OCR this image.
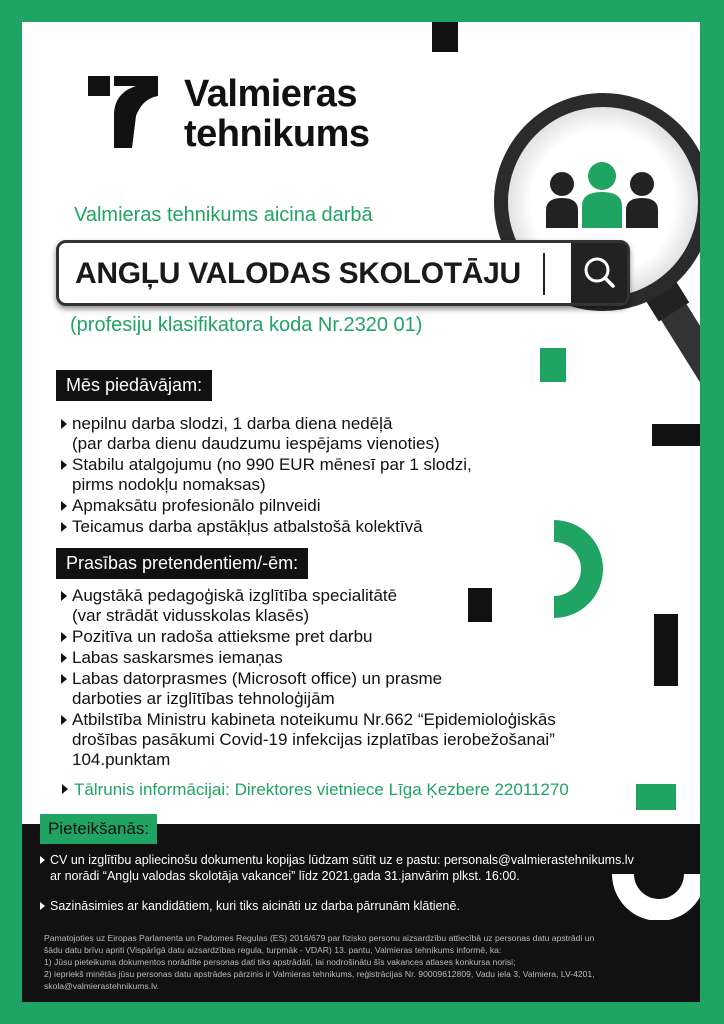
Valmieras
tehnikums
Valmieras tehnikums aicina darbā
ANGĻU VALODAS SKOLOTĀJU
(profesiju klasifikatora koda Nr.2320 01)
Mēs piedāvājam:
nepilnu darba slodzi, 1 darba diena nedēļā
(par darba dienu daudzumu iespējams vienoties)
Stabilu atalgojumu (no 990 EUR mēnesī par 1 slodzi,
pirms nodokļu nomaksas)
Apmaksātu profesionālo pilnveidi
Teicamus darba apstākļus atbalstošā kolektīvā
Prasības pretendentiem/-ēm:
Augstākā pedagoģiskā izglītība specialitātē
(var strādāt vidusskolas klasēs)
Pozitīva un radoša attieksme pret darbu
Labas saskarsmes iemaņas
Labas datorprasmes (Microsoft office) un prasme
darboties ar izglītības tehnoloģijām
Atbilstība Ministru kabineta noteikumu Nr.662 “Epidemioloģiskās
drošības pasākumi Covid-19 infekcijas izplatības ierobežošanai”
104.punktam
Tālrunis informācijai: Direktores vietniece Līga Ķezbere 22011270
Pieteikšanās:
CV un izglītību apliecinošu dokumentu kopijas lūdzam sūtīt uz e pastu: personals@valmierastehnikums.lv
ar norādi “Angļu valodas skolotāja vakancei” līdz 2021.gada 31.janvārim plkst. 16:00.
Sazināsimies ar kandidātiem, kuri tiks aicināti uz darba pārrunām klātienē.
Pamatojoties uz Eiropas Parlamenta un Padomes Regulas (ES) 2016/679 par fizisko personu aizsardzību attiecībā uz personas datu apstrādi un
šādu datu brīvu apriti (Vispārīgā datu aizsardzības regula, turpmāk - VDAR) 13. pantu, Valmieras tehnikums informē, ka:
1) Jūsu pieteikuma dokumentos norādītie personas dati tiks apstrādāti, lai nodrošinātu šīs vakances atlases konkursa norisi;
2) iepriekš minētās jūsu personas datu apstrādes pārzinis ir Valmieras tehnikums, reģistrācijas Nr. 90009612809, Vadu iela 3, Valmiera, LV-4201,
skola@valmierastehnikums.lv.
